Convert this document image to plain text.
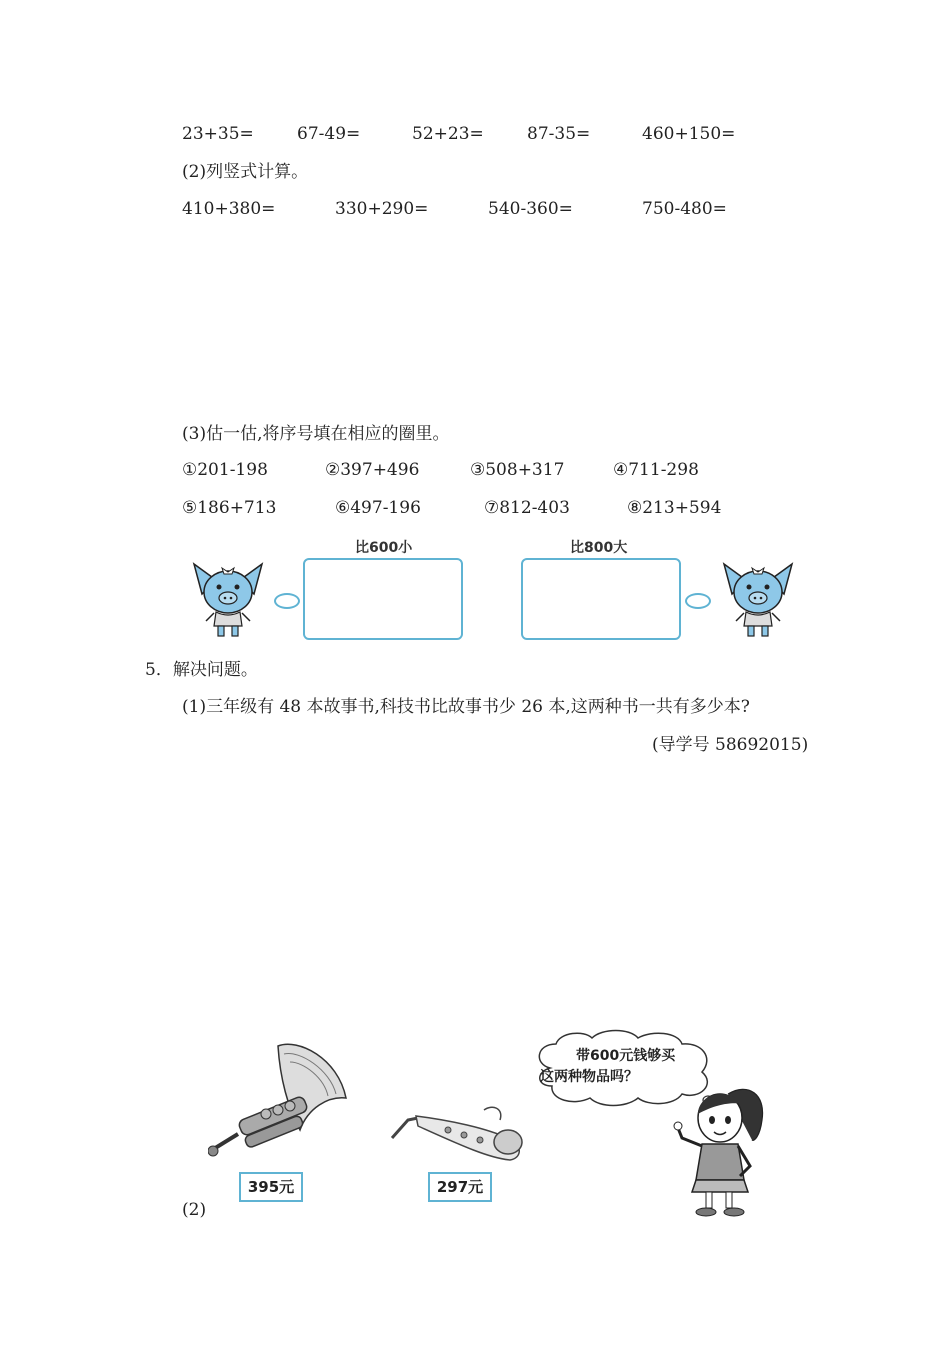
23+35=	67-49=	52+23=	87-35=	460+150=
(2)列竖式计算。
410+380=	330+290=	540-360=	750-480=
(3)估一估,将序号填在相应的圈里。
①201-198	②397+496	③508+317	④711-298
⑤186+713	⑥497-196	⑦812-403	⑧213+594
比600小	比800大
5．解决问题。
(1)三年级有 48 本故事书,科技书比故事书少 26 本,这两种书一共有多少本?
(导学号 58692015)
395元	297元
带600元钱够买
这两种物品吗？
(2)
